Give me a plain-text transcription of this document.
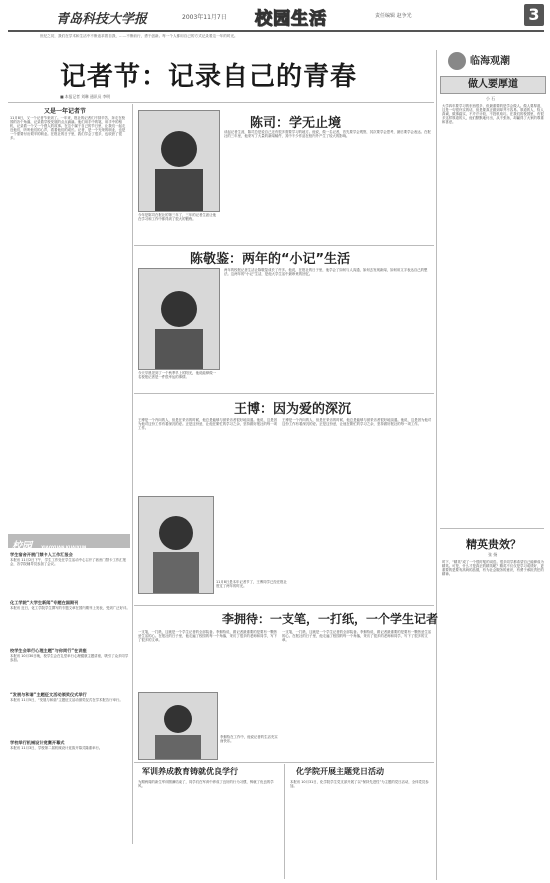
青岛科技大学报	2003年11月7日 校园生活	责任编辑 赵争光	3
世纪之初，我们在学术和生活中不断追求着自我，……不断前行，勇于创新。每一个人都用自己的方式记录着这一年的时光。
临海观潮
记者节：记录自己的青春
■ 本报记者 刘琳 通讯员 李明
又是一年记者节
11月8日，又一个记者节来到了。一年来，报社的记者们不辞辛苦，奔走在校园的各个角落，记录着学校发展的点点滴滴。他们用手中的笔，用手中的相机，记录着一个又一个感人的故事。在这个属于自己的节日里，让我们一起走近他们，听听他们的心声，看看他们的成长。记者，是一个光荣的职业，也是一个需要付出艰辛的职业。在报社的日子里，我们学会了很多，也收获了很多。
陈司：学无止境
今年是陈司在报社的第三年了，三年的记者生涯让他在学习和工作中都得到了很大的锻炼。
谈起记者生涯，陈司总是说自己还有很多需要学习的地方。他说，做一名记者，首先要学会观察，其次要学会思考，最后要学会表达。在报社的三年里，他采写了大量的新闻稿件，其中不少作品在校内外产生了较大的影响。
陈敬鉴：两年的“小记”生活
今天早晨见到了一个秋季早上的阳光，他说能够做一名校报记者是一件很幸运的事情。
两年的校报记者生活让陈敬鉴成长了许多。他说，在报社的日子里，他学会了如何与人沟通，如何去发现新闻，如何用文字表达自己的想法。这两年的“小记”生活，是他大学生活中最珍贵的回忆。
王博：因为爱的深沉
王博是一个内向的人，但是在采访的时候，他总是能够与被采访者很好地沟通。他说，这是因为他对这份工作有着深沉的爱。正是这份爱，让他在繁忙的学习之余，坚持做好报社的每一项工作。
11月8日是本年记者节了，王博同学已经在报社度过了两年的时光。
王博是一个内向的人，但是在采访的时候，他总是能够与被采访者很好地沟通。他说，这是因为他对这份工作有着深沉的爱。正是这份爱，让他在繁忙的学习之余，坚持做好报社的每一项工作。
李拥待：一支笔，一打纸，一个学生记者
一支笔，一打纸，这就是一个学生记者的全部装备。李拥待说，做记者最重要的是要有一颗热爱生活的心。在报社的日子里，他走遍了校园的每一个角落，采访了很多的老师和同学，写下了很多的文章。
李拥待在工作中，他说记者的生活充实而快乐。
一支笔，一打纸，这就是一个学生记者的全部装备。李拥待说，做记者最重要的是要有一颗热爱生活的心。在报社的日子里，他走遍了校园的每一个角落，采访了很多的老师和同学，写下了很多的文章。
校园 XIAOYUAN KUAIXUN
学生宿舍开展门禁卡人工作汇报会
本报讯 11月2日下午，学生工作处在学生活动中心召开了宿舍门禁卡工作汇报会，各学院辅导员参加了会议。
化工学院“大学生新闻”专题在国期刊
本报讯 近日，化工学院学生撰写的专题文章在国内期刊上发表，受到广泛好评。
校学生会举行心理主题“与你同行”在讲座
本报讯 10月30日晚，校学生会在礼堂举行心理健康主题讲座，吸引了众多同学参加。
“发展与和谐”主题征文活动颁奖仪式举行
本报讯 11月5日，“发展与和谐”主题征文活动颁奖仪式在学术报告厅举行。
学校举行机械设计竞赛开幕式
本报讯 11月3日，学校第二届机械设计竞赛开幕式隆重举行。
军训养成教育铸就优良学行
为期两周的新生军训圆满结束了，同学们在军训中养成了良好的行为习惯，铸就了优良的学风。
化学院开展主题党日活动
本报讯 10月31日，化学院学生党支部开展了以“保持先进性”为主题的党日活动，全体党员参加。
做人要厚道
小 石
大学四年要学习的东西很多，但最重要的是学会做人。做人要厚道，这是一句很朴实的话，但是要真正做到却并不容易。厚道的人，待人真诚，做事踏实，不斤斤计较，不投机取巧。在我们的校园里，有很多这样厚道的人，他们默默地付出，从不张扬，却赢得了大家的尊重和喜爱。
精英贵效？
张 扬
时下，“精英”成了一个很时髦的词语。很多同学都希望自己能够成为精英。可是，什么才是真正的精英呢？精英不仅仅是学习成绩好，更重要的是要有高尚的品德，有为社会服务的意识，有勇于承担责任的精神。
